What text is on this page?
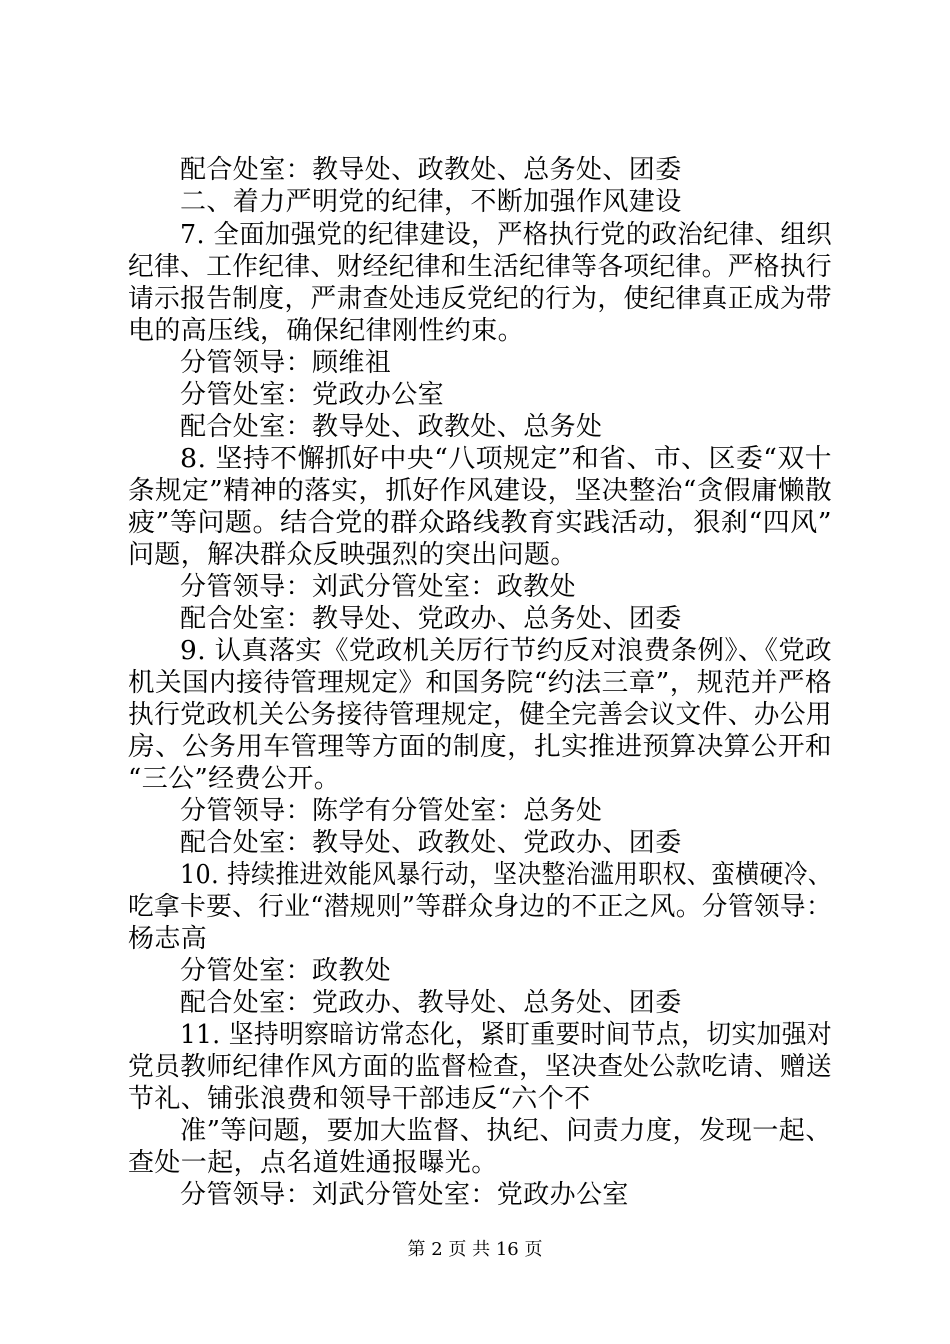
配合处室：教导处、政教处、总务处、团委
二、着力严明党的纪律，不断加强作风建设
7. 全面加强党的纪律建设，严格执行党的政治纪律、组织
纪律、工作纪律、财经纪律和生活纪律等各项纪律。严格执行
请示报告制度，严肃查处违反党纪的行为，使纪律真正成为带
电的高压线，确保纪律刚性约束。
分管领导：顾维祖
分管处室：党政办公室
配合处室：教导处、政教处、总务处
8. 坚持不懈抓好中央“八项规定”和省、市、区委“双十
条规定”精神的落实，抓好作风建设，坚决整治“贪假庸懒散
疲”等问题。结合党的群众路线教育实践活动，狠刹“四风”
问题，解决群众反映强烈的突出问题。
分管领导：刘武分管处室：政教处
配合处室：教导处、党政办、总务处、团委
9. 认真落实《党政机关厉行节约反对浪费条例》、《党政
机关国内接待管理规定》和国务院“约法三章”，规范并严格
执行党政机关公务接待管理规定，健全完善会议文件、办公用
房、公务用车管理等方面的制度，扎实推进预算决算公开和
“三公”经费公开。
分管领导：陈学有分管处室：总务处
配合处室：教导处、政教处、党政办、团委
10. 持续推进效能风暴行动，坚决整治滥用职权、蛮横硬冷、
吃拿卡要、行业“潜规则”等群众身边的不正之风。分管领导：
杨志高
分管处室：政教处
配合处室：党政办、教导处、总务处、团委
11. 坚持明察暗访常态化，紧盯重要时间节点，切实加强对
党员教师纪律作风方面的监督检查，坚决查处公款吃请、赠送
节礼、铺张浪费和领导干部违反“六个不
准”等问题，要加大监督、执纪、问责力度，发现一起、
查处一起，点名道姓通报曝光。
分管领导：刘武分管处室：党政办公室
第 2 页 共 16 页
